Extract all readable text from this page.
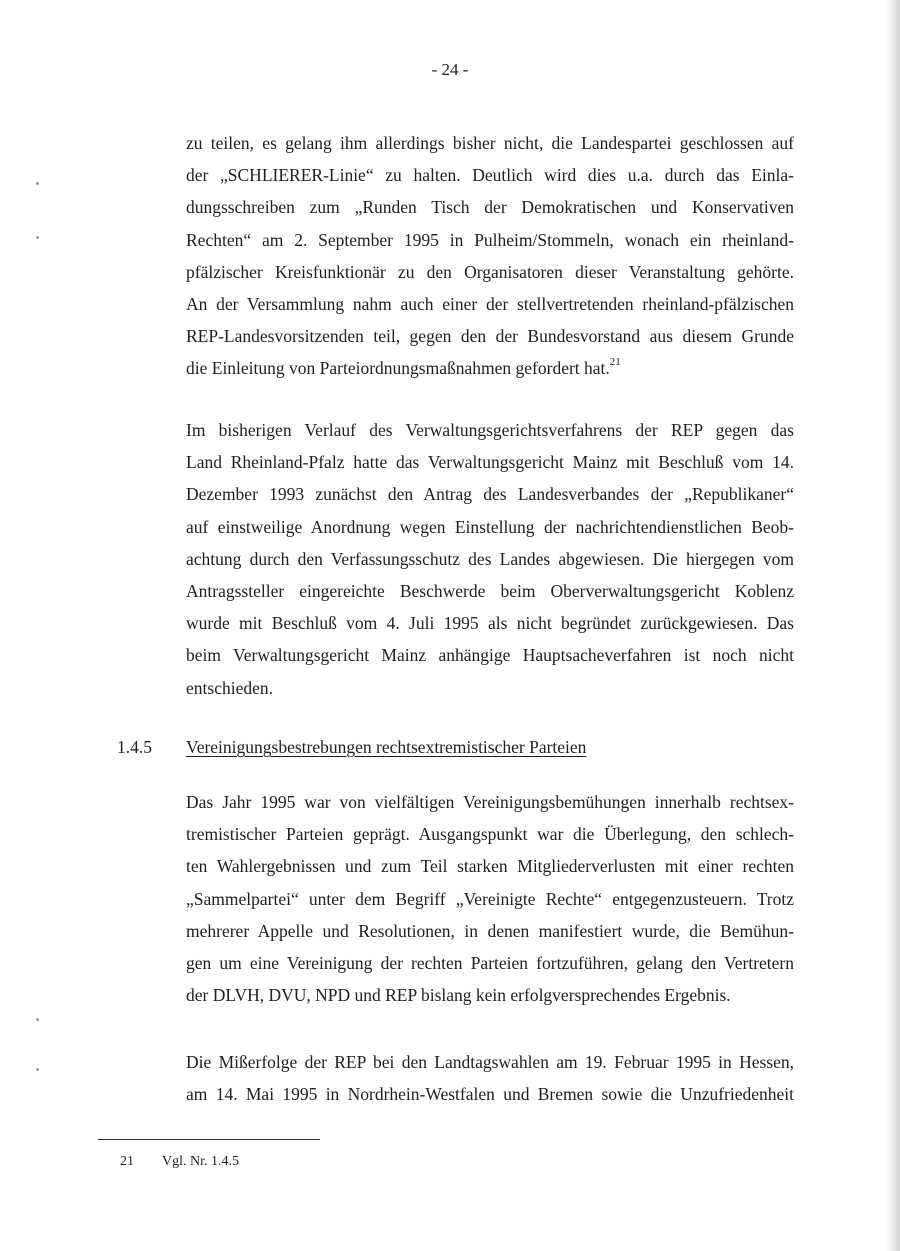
- 24 -

zu teilen, es gelang ihm allerdings bisher nicht, die Landespartei geschlossen auf
der „SCHLIERER-Linie“ zu halten. Deutlich wird dies u.a. durch das Einla-
dungsschreiben zum „Runden Tisch der Demokratischen und Konservativen
Rechten“ am 2. September 1995 in Pulheim/Stommeln, wonach ein rheinland-
pfälzischer Kreisfunktionär zu den Organisatoren dieser Veranstaltung gehörte.
An der Versammlung nahm auch einer der stellvertretenden rheinland-pfälzischen
REP-Landesvorsitzenden teil, gegen den der Bundesvorstand aus diesem Grunde
die Einleitung von Parteiordnungsmaßnahmen gefordert hat.$^{21}$

Im bisherigen Verlauf des Verwaltungsgerichtsverfahrens der REP gegen das
Land Rheinland-Pfalz hatte das Verwaltungsgericht Mainz mit Beschluß vom 14.
Dezember 1993 zunächst den Antrag des Landesverbandes der „Republikaner“
auf einstweilige Anordnung wegen Einstellung der nachrichtendienstlichen Beob-
achtung durch den Verfassungsschutz des Landes abgewiesen. Die hiergegen vom
Antragssteller eingereichte Beschwerde beim Oberverwaltungsgericht Koblenz
wurde mit Beschluß vom 4. Juli 1995 als nicht begründet zurückgewiesen. Das
beim Verwaltungsgericht Mainz anhängige Hauptsacheverfahren ist noch nicht
entschieden.

1.4.5 Vereinigungsbestrebungen rechtsextremistischer Parteien

Das Jahr 1995 war von vielfältigen Vereinigungsbemühungen innerhalb rechtsex-
tremistischer Parteien geprägt. Ausgangspunkt war die Überlegung, den schlech-
ten Wahlergebnissen und zum Teil starken Mitgliederverlusten mit einer rechten
„Sammelpartei“ unter dem Begriff „Vereinigte Rechte“ entgegenzusteuern. Trotz
mehrerer Appelle und Resolutionen, in denen manifestiert wurde, die Bemühun-
gen um eine Vereinigung der rechten Parteien fortzuführen, gelang den Vertretern
der DLVH, DVU, NPD und REP bislang kein erfolgversprechendes Ergebnis.

Die Mißerfolge der REP bei den Landtagswahlen am 19. Februar 1995 in Hessen,
am 14. Mai 1995 in Nordrhein-Westfalen und Bremen sowie die Unzufriedenheit

21 Vgl. Nr. 1.4.5
